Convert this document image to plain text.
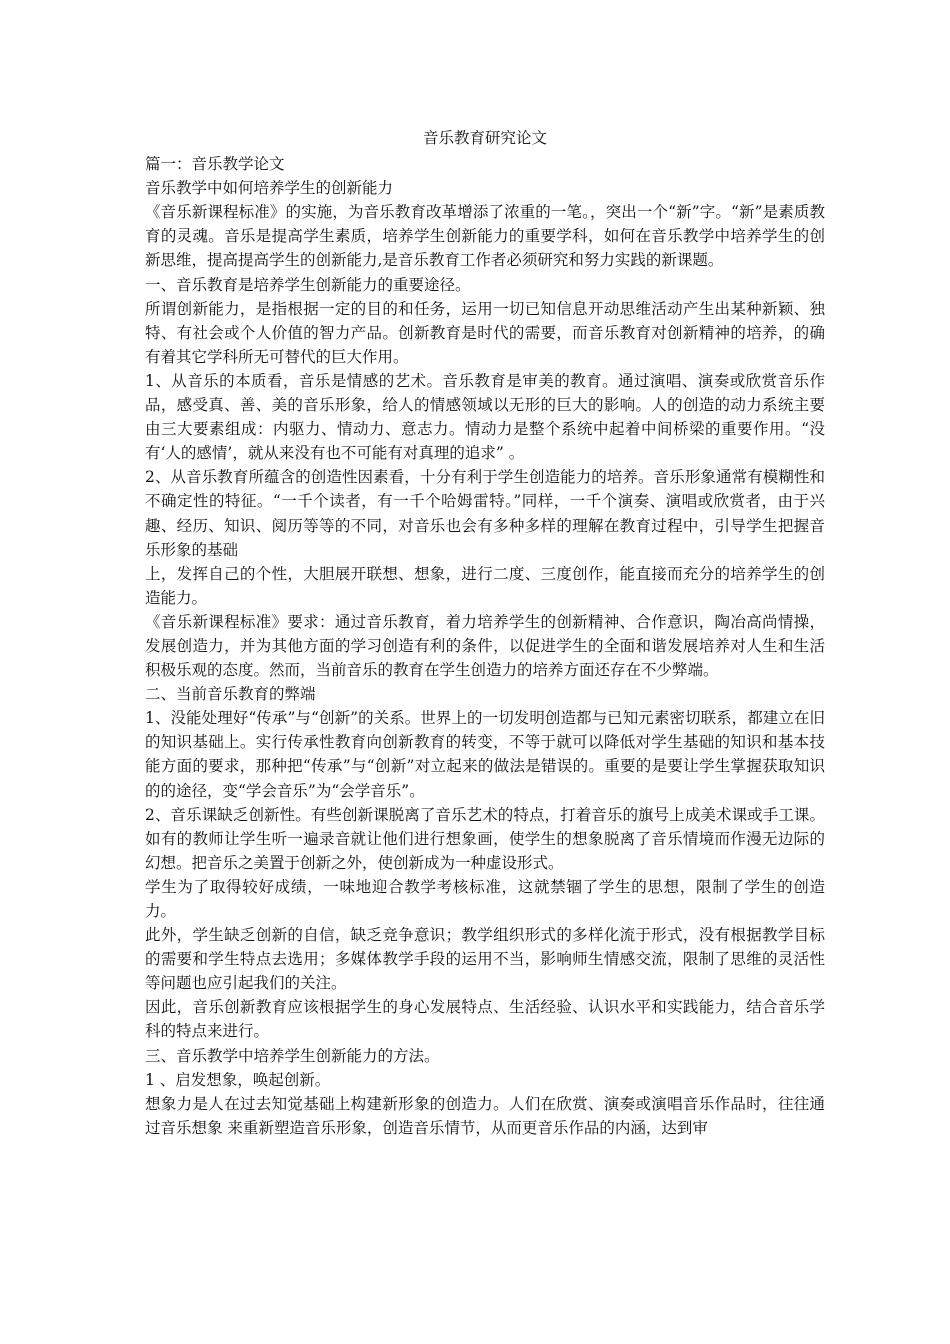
音乐教育研究论文

篇一：音乐教学论文

音乐教学中如何培养学生的创新能力

《音乐新课程标准》的实施，为音乐教育改革增添了浓重的一笔。，突出一个“新”字。“新”是素质教育的灵魂。音乐是提高学生素质，培养学生创新能力的重要学科，如何在音乐教学中培养学生的创新思维，提高提高学生的创新能力,是音乐教育工作者必须研究和努力实践的新课题。

一、音乐教育是培养学生创新能力的重要途径。

所谓创新能力，是指根据一定的目的和任务，运用一切已知信息开动思维活动产生出某种新颖、独特、有社会或个人价值的智力产品。创新教育是时代的需要，而音乐教育对创新精神的培养，的确有着其它学科所无可替代的巨大作用。

1、从音乐的本质看，音乐是情感的艺术。音乐教育是审美的教育。通过演唱、演奏或欣赏音乐作品，感受真、善、美的音乐形象，给人的情感领域以无形的巨大的影响。人的创造的动力系统主要由三大要素组成：内驱力、情动力、意志力。情动力是整个系统中起着中间桥梁的重要作用。“没有‘人的感情’，就从来没有也不可能有对真理的追求” 。

2、从音乐教育所蕴含的创造性因素看，十分有利于学生创造能力的培养。音乐形象通常有模糊性和不确定性的特征。“一千个读者，有一千个哈姆雷特。”同样，一千个演奏、演唱或欣赏者，由于兴趣、经历、知识、阅历等等的不同，对音乐也会有多种多样的理解在教育过程中，引导学生把握音乐形象的基础

上，发挥自己的个性，大胆展开联想、想象，进行二度、三度创作，能直接而充分的培养学生的创造能力。

《音乐新课程标准》要求：通过音乐教育，着力培养学生的创新精神、合作意识，陶冶高尚情操，发展创造力，并为其他方面的学习创造有利的条件，以促进学生的全面和谐发展培养对人生和生活积极乐观的态度。然而，当前音乐的教育在学生创造力的培养方面还存在不少弊端。

二、当前音乐教育的弊端

1、没能处理好“传承”与“创新”的关系。世界上的一切发明创造都与已知元素密切联系，都建立在旧的知识基础上。实行传承性教育向创新教育的转变，不等于就可以降低对学生基础的知识和基本技能方面的要求，那种把“传承”与“创新”对立起来的做法是错误的。重要的是要让学生掌握获取知识的的途径，变“学会音乐”为“会学音乐”。

2、音乐课缺乏创新性。有些创新课脱离了音乐艺术的特点，打着音乐的旗号上成美术课或手工课。如有的教师让学生听一遍录音就让他们进行想象画，使学生的想象脱离了音乐情境而作漫无边际的幻想。把音乐之美置于创新之外，使创新成为一种虚设形式。

学生为了取得较好成绩，一味地迎合教学考核标准，这就禁锢了学生的思想，限制了学生的创造力。

此外，学生缺乏创新的自信，缺乏竞争意识；教学组织形式的多样化流于形式，没有根据教学目标的需要和学生特点去选用；多媒体教学手段的运用不当，影响师生情感交流，限制了思维的灵活性等问题也应引起我们的关注。

因此，音乐创新教育应该根据学生的身心发展特点、生活经验、认识水平和实践能力，结合音乐学科的特点来进行。

三、音乐教学中培养学生创新能力的方法。

1 、启发想象，唤起创新。

想象力是人在过去知觉基础上构建新形象的创造力。人们在欣赏、演奏或演唱音乐作品时，往往通过音乐想象 来重新塑造音乐形象，创造音乐情节，从而更音乐作品的内涵，达到审
